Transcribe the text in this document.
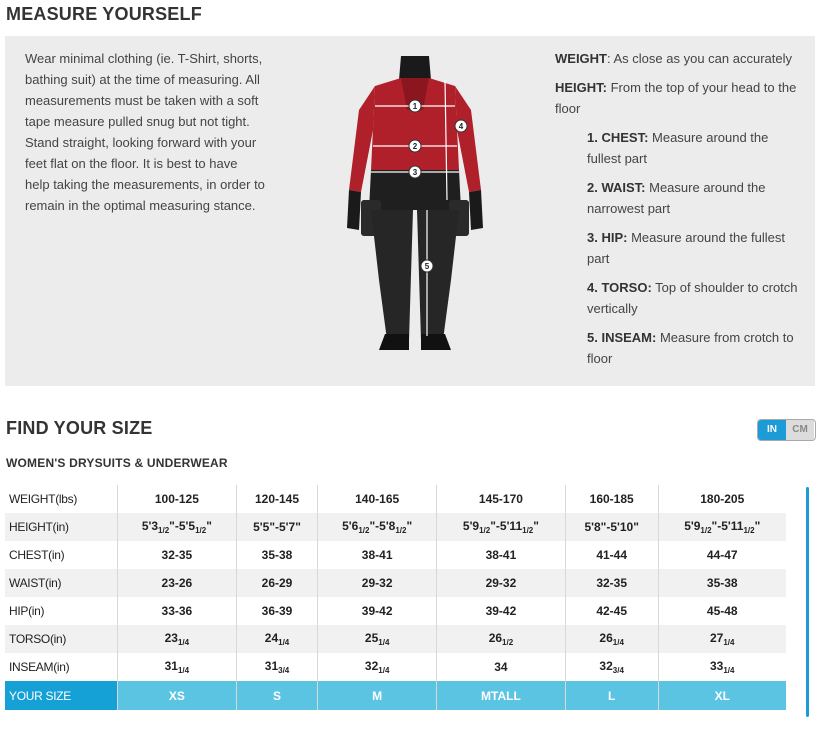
MEASURE YOURSELF
Wear minimal clothing (ie. T-Shirt, shorts, bathing suit) at the time of measuring. All measurements must be taken with a soft tape measure pulled snug but not tight. Stand straight, looking forward with your feet flat on the floor. It is best to have help taking the measurements, in order to remain in the optimal measuring stance.
1
2
3
4
5

WEIGHT: As close as you can accurately

HEIGHT: From the top of your head to the floor

1. CHEST: Measure around the fullest part

2. WAIST: Measure around the narrowest part

3. HIP: Measure around the fullest part

4. TORSO: Top of shoulder to crotch vertically

5. INSEAM: Measure from crotch to floor

FIND YOUR SIZE	IN	CM
WOMEN'S DRYSUITS & UNDERWEAR
WEIGHT(lbs)	100-125	120-145	140-165	145-170	160-185	180-205
HEIGHT(in)	$5'3_{1/2}"-5'5_{1/2}$"	5'5"-5'7"	$5'6_{1/2}"-5'8_{1/2}$"	$5'9_{1/2}"-5'11_{1/2}$"	5'8"-5'10"	$5'9_{1/2}"-5'11_{1/2}$"
CHEST(in)	32-35	35-38	38-41	38-41	41-44	44-47
WAIST(in)	23-26	26-29	29-32	29-32	32-35	35-38
HIP(in)	33-36	36-39	39-42	39-42	42-45	45-48
TORSO(in)	$23_{1/4}$	$24_{1/4}$	$25_{1/4}$	$26_{1/2}$	$26_{1/4}$	$27_{1/4}$
INSEAM(in)	$31_{1/4}$	$31_{3/4}$	$32_{1/4}$	34	$32_{3/4}$	$33_{1/4}$
YOUR SIZE	XS	S	M	MTALL	L	XL
